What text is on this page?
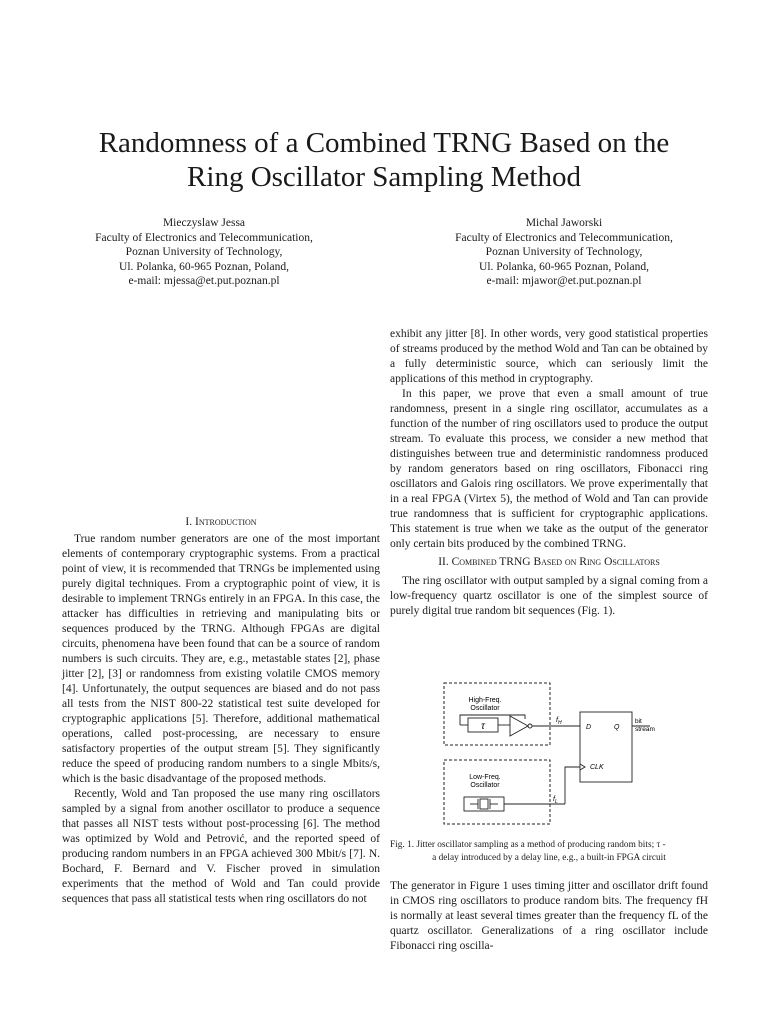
Randomness of a Combined TRNG Based on the
Ring Oscillator Sampling Method
Mieczyslaw Jessa
Faculty of Electronics and Telecommunication,
Poznan University of Technology,
Ul. Polanka, 60-965 Poznan, Poland,
e-mail: mjessa@et.put.poznan.pl
Michal Jaworski
Faculty of Electronics and Telecommunication,
Poznan University of Technology,
Ul. Polanka, 60-965 Poznan, Poland,
e-mail: mjawor@et.put.poznan.pl
I. Introduction

True random number generators are one of the most important elements of contemporary cryptographic systems. From a practical point of view, it is recommended that TRNGs be implemented using purely digital techniques. From a cryptographic point of view, it is desirable to implement TRNGs entirely in an FPGA. In this case, the attacker has difficulties in retrieving and manipulating bits or sequences produced by the TRNG. Although FPGAs are digital circuits, phenomena have been found that can be a source of random numbers is such circuits. They are, e.g., metastable states [2], phase jitter [2], [3] or randomness from existing volatile CMOS memory [4]. Unfortunately, the output sequences are biased and do not pass all tests from the NIST 800-22 statistical test suite developed for cryptographic applications [5]. Therefore, additional mathematical operations, called post-processing, are necessary to ensure satisfactory properties of the output stream [5]. They significantly reduce the speed of producing random numbers to a single Mbits/s, which is the basic disadvantage of the proposed methods.

Recently, Wold and Tan proposed the use many ring oscillators sampled by a signal from another oscillator to produce a sequence that passes all NIST tests without post-processing [6]. The method was optimized by Wold and Petrović, and the reported speed of producing random numbers in an FPGA achieved 300 Mbit/s [7]. N. Bochard, F. Bernard and V. Fischer proved in simulation experiments that the method of Wold and Tan could provide sequences that pass all statistical tests when ring oscillators do not

exhibit any jitter [8]. In other words, very good statistical properties of streams produced by the method Wold and Tan can be obtained by a fully deterministic source, which can seriously limit the applications of this method in cryptography.

In this paper, we prove that even a small amount of true randomness, present in a single ring oscillator, accumulates as a function of the number of ring oscillators used to produce the output stream. To evaluate this process, we consider a new method that distinguishes between true and deterministic randomness produced by random generators based on ring oscillators, Fibonacci ring oscillators and Galois ring oscillators. We prove experimentally that in a real FPGA (Virtex 5), the method of Wold and Tan can provide true randomness that is sufficient for cryptographic applications. This statement is true when we take as the output of the generator only certain bits produced by the combined TRNG.

II. Combined TRNG Based on Ring Oscillators

The ring oscillator with output sampled by a signal coming from a low-frequency quartz oscillator is one of the simplest source of purely digital true random bit sequences (Fig. 1).

High-Freq.
Oscillator
τ
$f_H$
D	Q
CLK
bit
stream
Low-Freq.
Oscillator
$f_L$
Fig. 1. Jitter oscillator sampling as a method of producing random bits; τ -
a delay introduced by a delay line, e.g., a built-in FPGA circuit

The generator in Figure 1 uses timing jitter and oscillator drift found in CMOS ring oscillators to produce random bits. The frequency fH is normally at least several times greater than the frequency fL of the quartz oscillator. Generalizations of a ring oscillator include Fibonacci ring oscilla-
